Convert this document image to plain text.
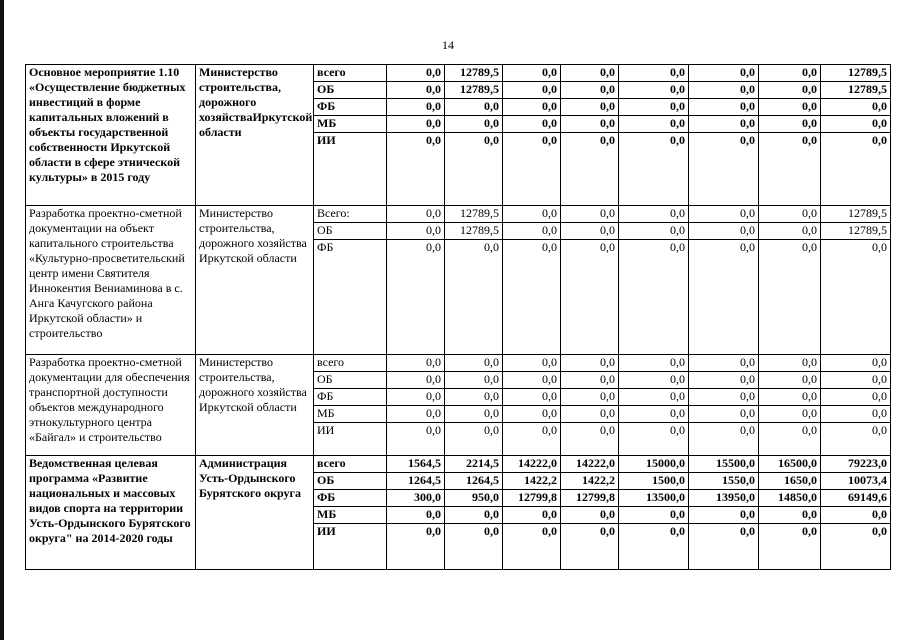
14
Основное мероприятие 1.10 «Осуществление бюджетных инвестиций в форме капитальных вложений в объекты государственной собственности Иркутской области в сфере этнической культуры» в 2015 году	Министерство строительства, дорожного хозяйстваИркутской области	всего	0,0	12789,5	0,0	0,0	0,0	0,0	0,0	12789,5
		ОБ	0,0	12789,5	0,0	0,0	0,0	0,0	0,0	12789,5
		ФБ	0,0	0,0	0,0	0,0	0,0	0,0	0,0	0,0
		МБ	0,0	0,0	0,0	0,0	0,0	0,0	0,0	0,0
		ИИ	0,0	0,0	0,0	0,0	0,0	0,0	0,0	0,0
Разработка проектно-сметной документации на объект капитального строительства «Культурно-просветительский центр имени Святителя Иннокентия Вениаминова в с. Анга Качугского района Иркутской области» и строительство	Министерство строительства, дорожного хозяйства Иркутской области	Всего:	0,0	12789,5	0,0	0,0	0,0	0,0	0,0	12789,5
		ОБ	0,0	12789,5	0,0	0,0	0,0	0,0	0,0	12789,5
		ФБ	0,0	0,0	0,0	0,0	0,0	0,0	0,0	0,0
Разработка проектно-сметной документации для обеспечения транспортной доступности объектов международного этнокультурного центра «Байгал» и строительство	Министерство строительства, дорожного хозяйства Иркутской области	всего	0,0	0,0	0,0	0,0	0,0	0,0	0,0	0,0
		ОБ	0,0	0,0	0,0	0,0	0,0	0,0	0,0	0,0
		ФБ	0,0	0,0	0,0	0,0	0,0	0,0	0,0	0,0
		МБ	0,0	0,0	0,0	0,0	0,0	0,0	0,0	0,0
		ИИ	0,0	0,0	0,0	0,0	0,0	0,0	0,0	0,0
Ведомственная целевая программа «Развитие национальных и массовых видов спорта на территории Усть-Ордынского Бурятского округа" на 2014-2020 годы	Администрация Усть-Ордынского Бурятского округа	всего	1564,5	2214,5	14222,0	14222,0	15000,0	15500,0	16500,0	79223,0
		ОБ	1264,5	1264,5	1422,2	1422,2	1500,0	1550,0	1650,0	10073,4
		ФБ	300,0	950,0	12799,8	12799,8	13500,0	13950,0	14850,0	69149,6
		МБ	0,0	0,0	0,0	0,0	0,0	0,0	0,0	0,0
		ИИ	0,0	0,0	0,0	0,0	0,0	0,0	0,0	0,0
